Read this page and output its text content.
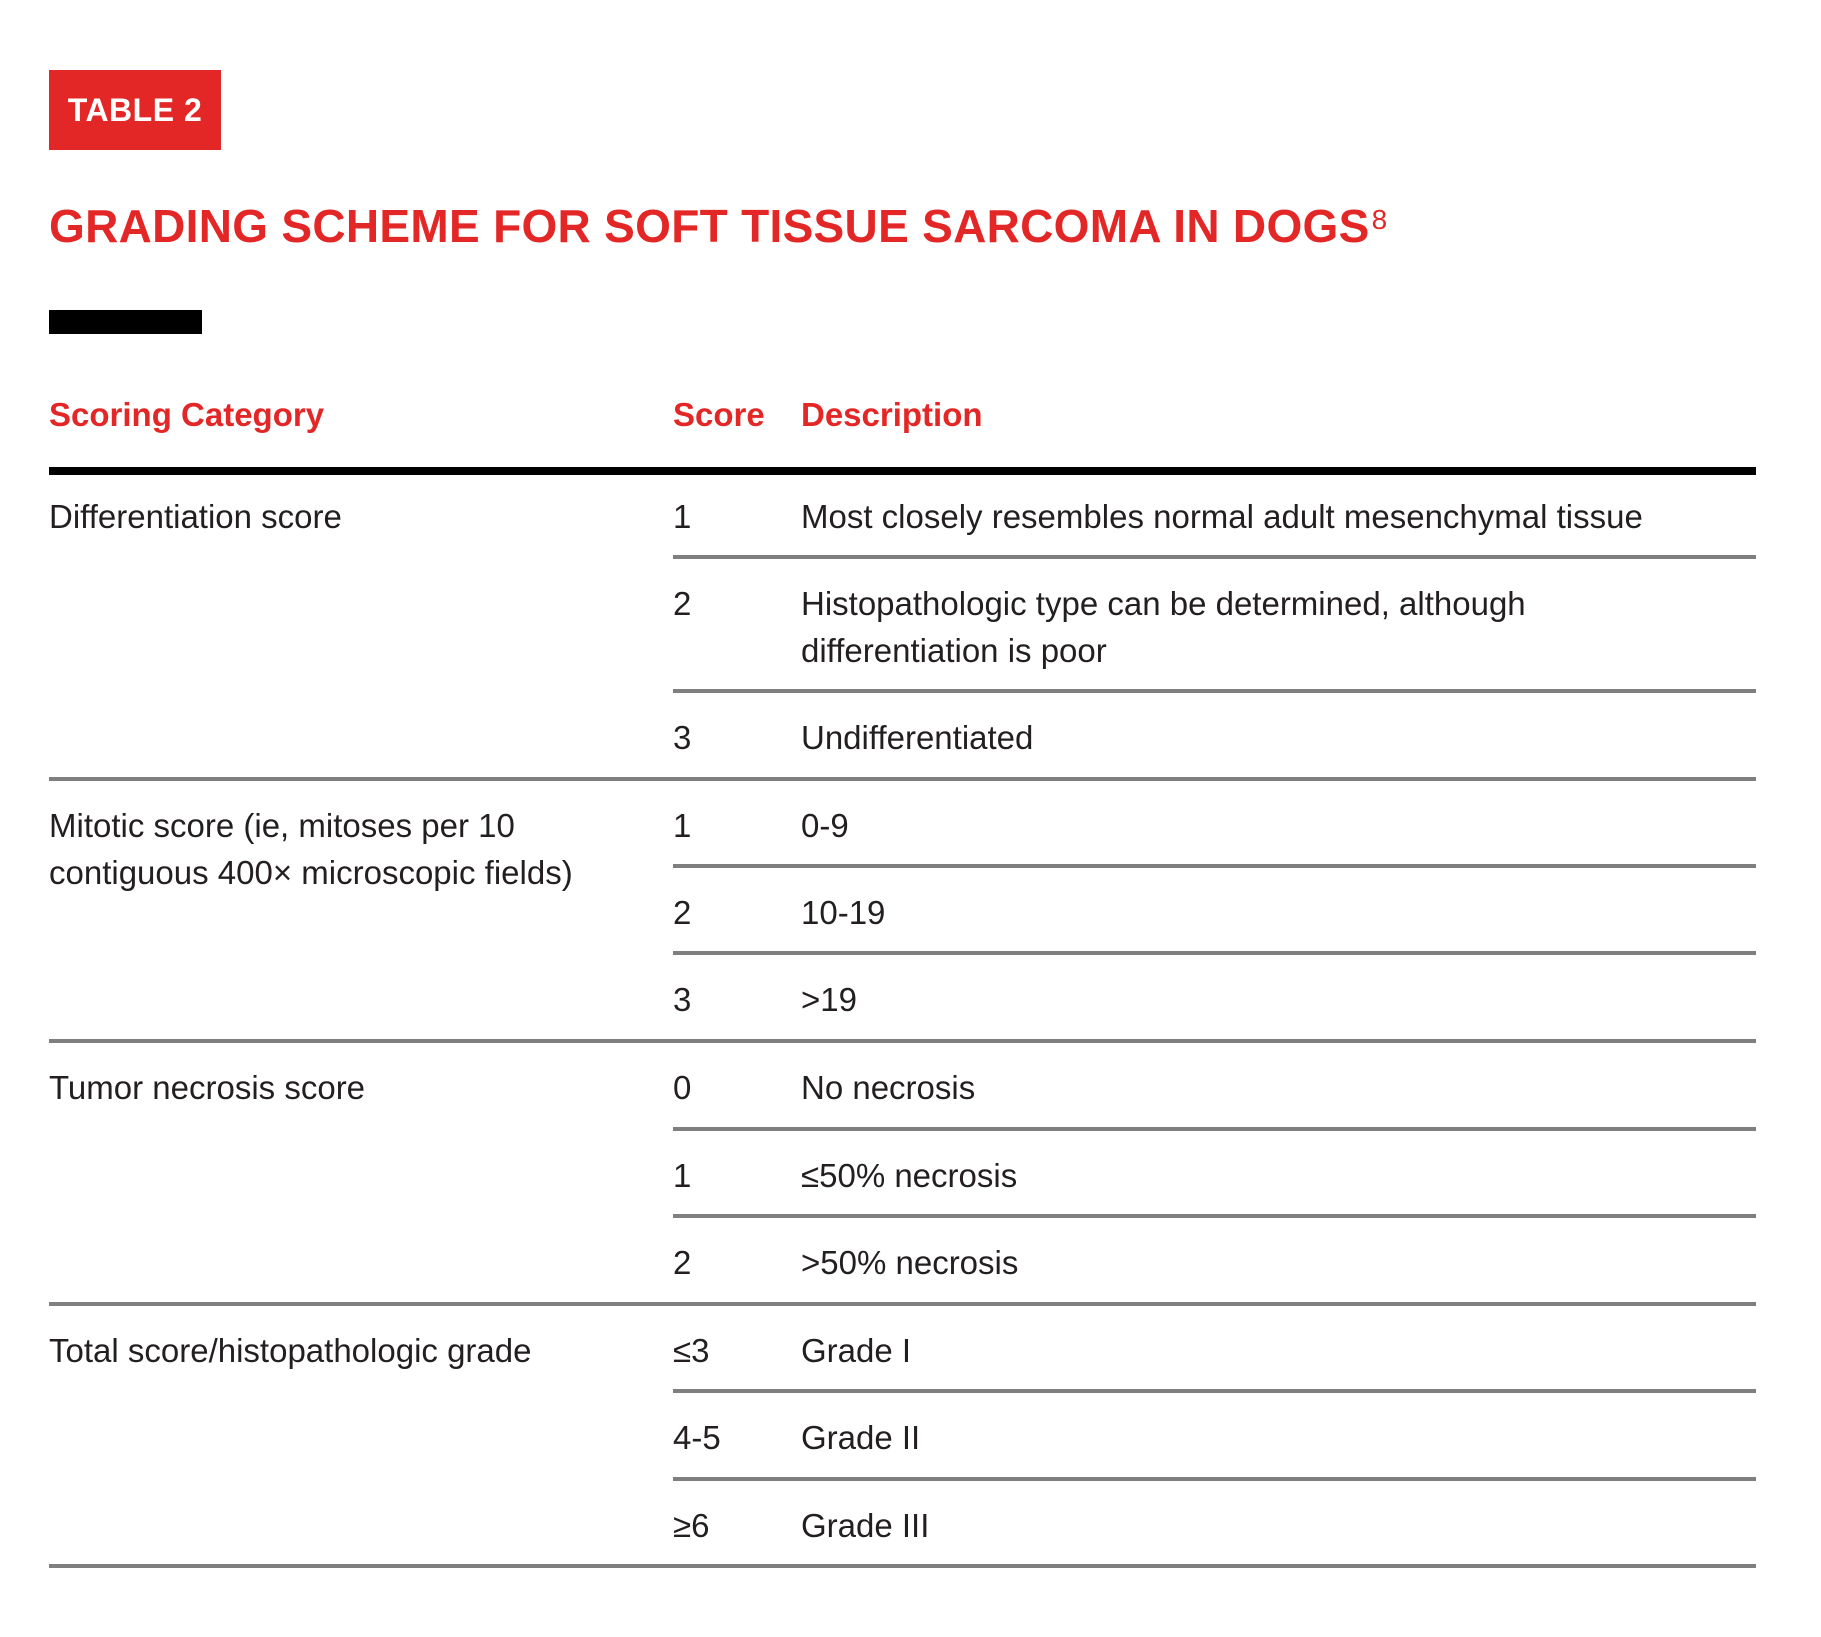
TABLE 2
GRADING SCHEME FOR SOFT TISSUE SARCOMA IN DOGS$^8$
Scoring Category	Score Description
Differentiation score	1	Most closely resembles normal adult mesenchymal tissue
2	Histopathologic type can be determined, although differentiation is poor
3	Undifferentiated
Mitotic score (ie, mitoses per 10 contiguous 400× microscopic fields)
1	0-9
2	10-19
3	>19
Tumor necrosis score	0	No necrosis
1	≤50% necrosis
2	>50% necrosis
Total score/histopathologic grade	≤3	Grade I
4-5 Grade II
≥6	Grade III
